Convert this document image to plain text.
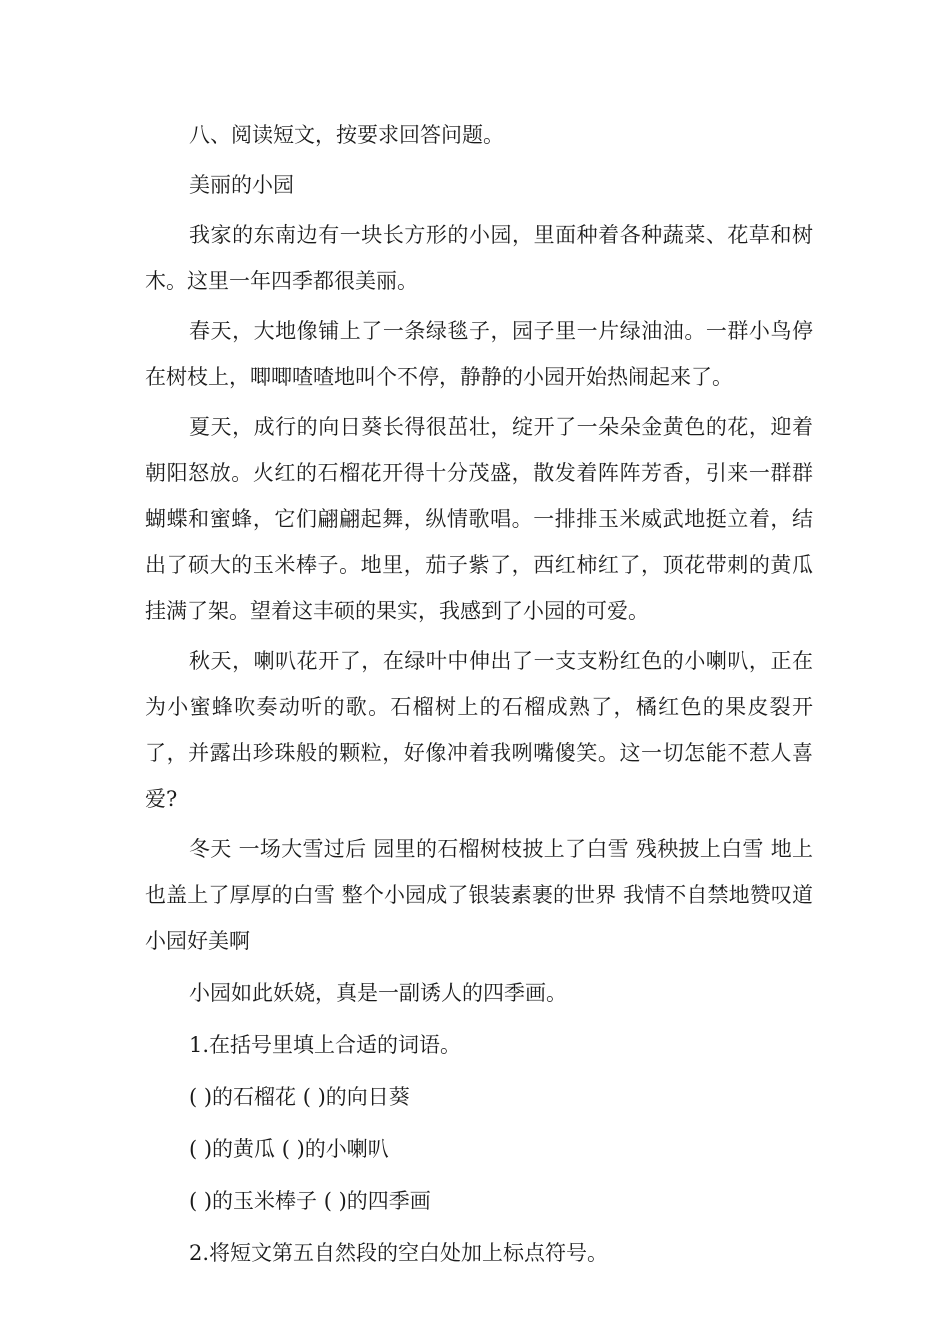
八、阅读短文，按要求回答问题。

美丽的小园

我家的东南边有一块长方形的小园，里面种着各种蔬菜、花草和树木。这里一年四季都很美丽。

春天，大地像铺上了一条绿毯子，园子里一片绿油油。一群小鸟停在树枝上，唧唧喳喳地叫个不停，静静的小园开始热闹起来了。

夏天，成行的向日葵长得很茁壮，绽开了一朵朵金黄色的花，迎着朝阳怒放。火红的石榴花开得十分茂盛，散发着阵阵芳香，引来一群群蝴蝶和蜜蜂，它们翩翩起舞，纵情歌唱。一排排玉米威武地挺立着，结出了硕大的玉米棒子。地里，茄子紫了，西红柿红了，顶花带刺的黄瓜挂满了架。望着这丰硕的果实，我感到了小园的可爱。

秋天，喇叭花开了，在绿叶中伸出了一支支粉红色的小喇叭，正在为小蜜蜂吹奏动听的歌。石榴树上的石榴成熟了，橘红色的果皮裂开了，并露出珍珠般的颗粒，好像冲着我咧嘴傻笑。这一切怎能不惹人喜爱?

冬天 一场大雪过后 园里的石榴树枝披上了白雪 残秧披上白雪 地上也盖上了厚厚的白雪 整个小园成了银装素裹的世界 我情不自禁地赞叹道 小园好美啊

小园如此妖娆，真是一副诱人的四季画。

1.在括号里填上合适的词语。

( )的石榴花 ( )的向日葵

( )的黄瓜 ( )的小喇叭

( )的玉米棒子 ( )的四季画

2.将短文第五自然段的空白处加上标点符号。
